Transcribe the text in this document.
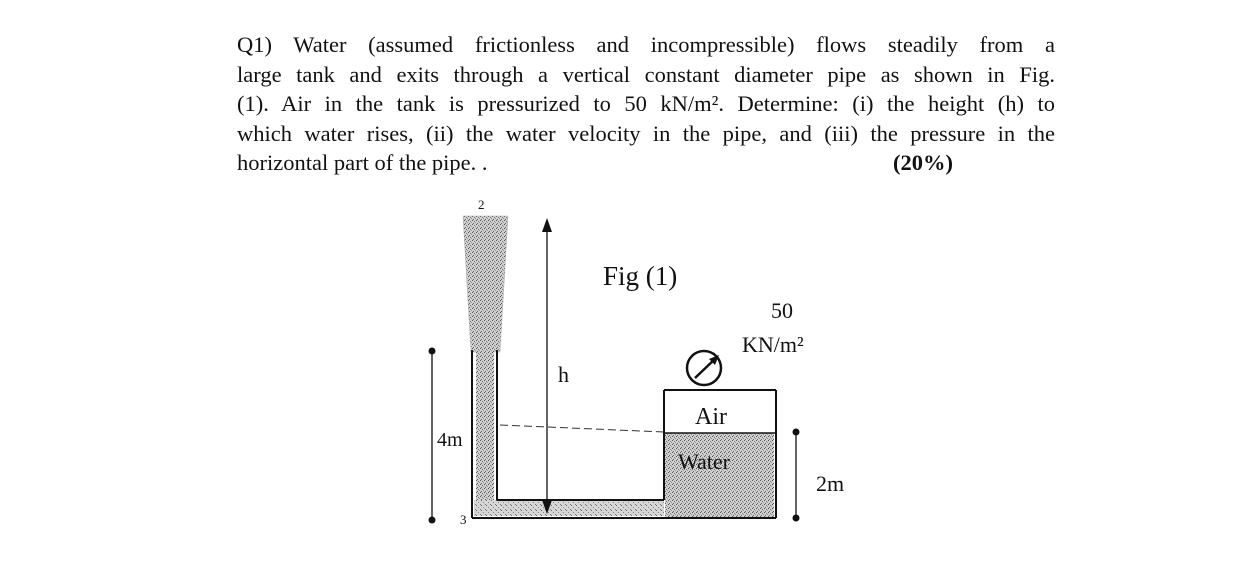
Q1) Water (assumed frictionless and incompressible) flows steadily from a
large tank and exits through a vertical constant diameter pipe as shown in Fig.
(1). Air in the tank is pressurized to 50 kN/m². Determine: (i) the height (h) to
which water rises, (ii) the water velocity in the pipe, and (iii) the pressure in the
horizontal part of the pipe. .	(20%)
Fig (1)
50
KN/m²
Air
Water
h
4m
2m
2
3
